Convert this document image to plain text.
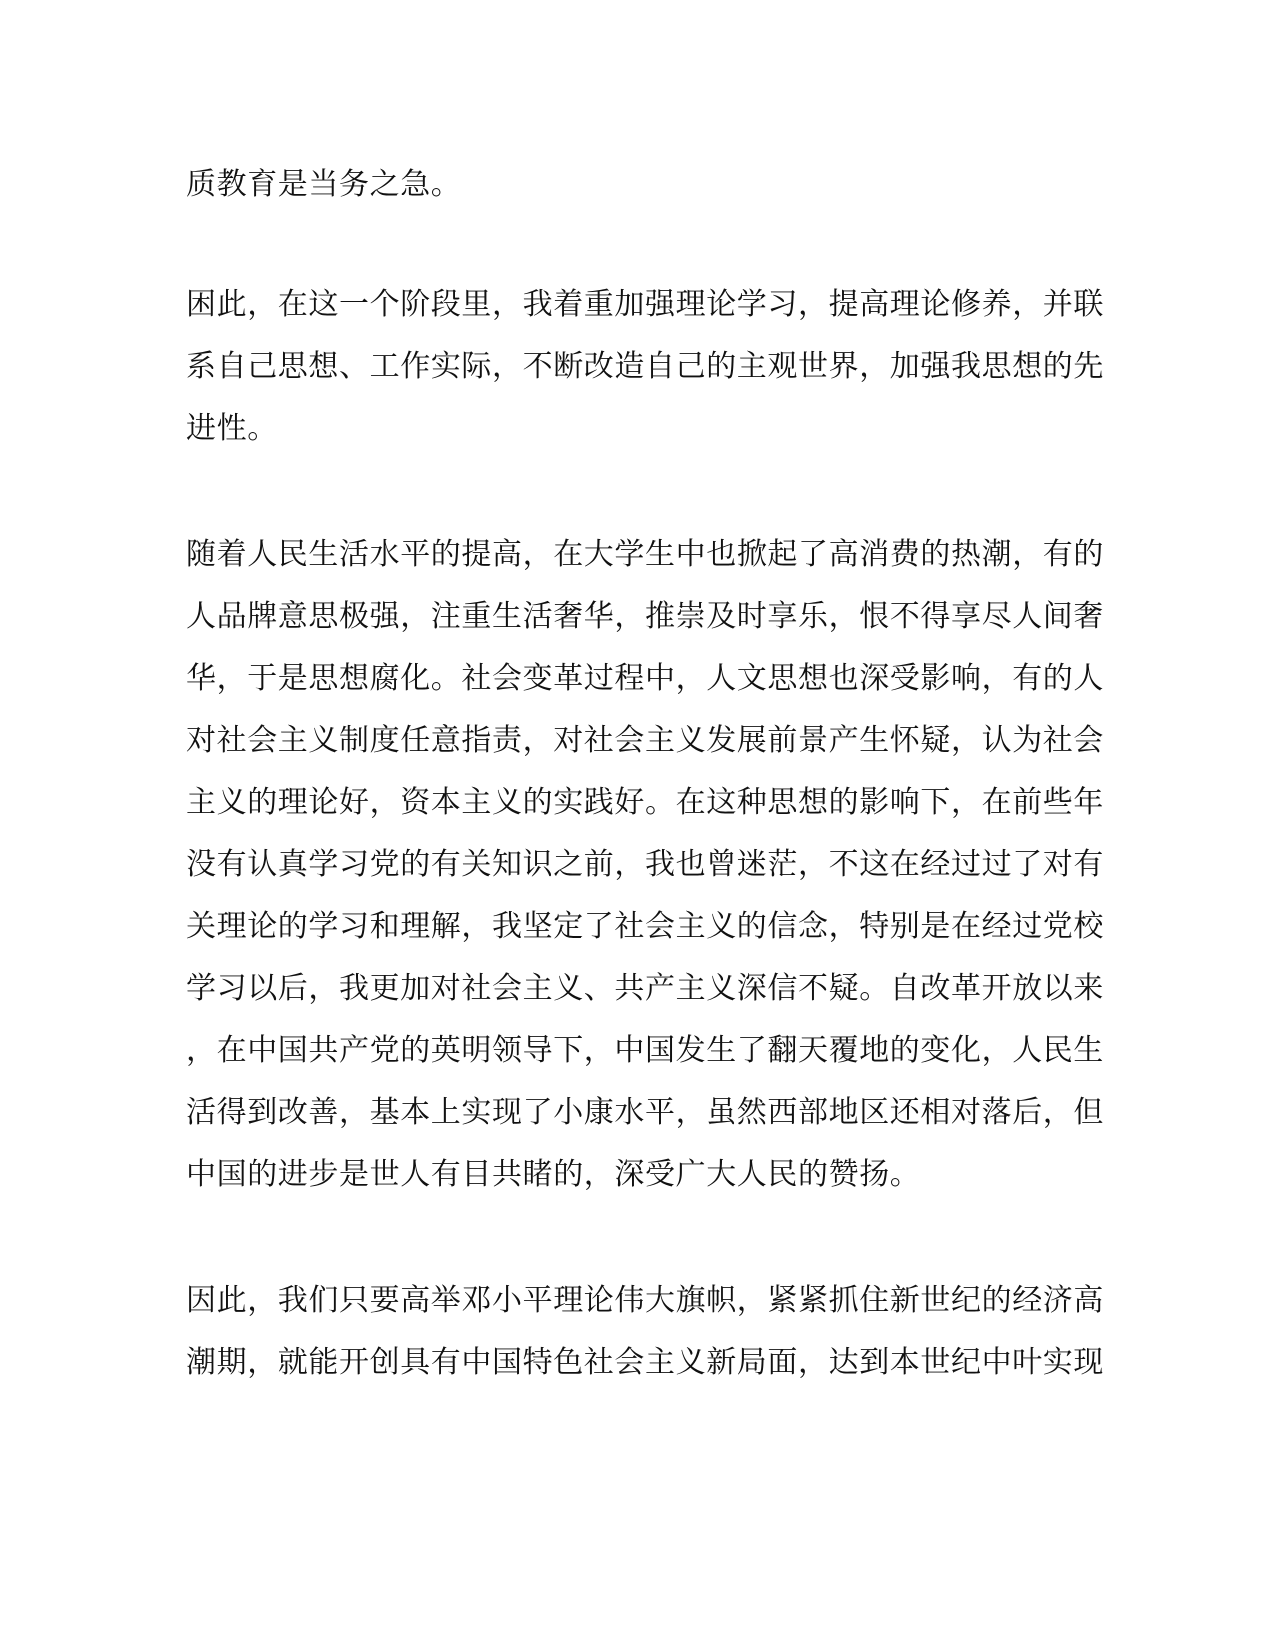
质教育是当务之急。
困此，在这一个阶段里，我着重加强理论学习，提高理论修养，并联
系自己思想、工作实际，不断改造自己的主观世界，加强我思想的先
进性。
随着人民生活水平的提高，在大学生中也掀起了高消费的热潮，有的
人品牌意思极强，注重生活奢华，推崇及时享乐，恨不得享尽人间奢
华，于是思想腐化。社会变革过程中，人文思想也深受影响，有的人
对社会主义制度任意指责，对社会主义发展前景产生怀疑，认为社会
主义的理论好，资本主义的实践好。在这种思想的影响下，在前些年
没有认真学习党的有关知识之前，我也曾迷茫，不这在经过过了对有
关理论的学习和理解，我坚定了社会主义的信念，特别是在经过党校
学习以后，我更加对社会主义、共产主义深信不疑。自改革开放以来
，在中国共产党的英明领导下，中国发生了翻天覆地的变化，人民生
活得到改善，基本上实现了小康水平，虽然西部地区还相对落后，但
中国的进步是世人有目共睹的，深受广大人民的赞扬。
因此，我们只要高举邓小平理论伟大旗帜，紧紧抓住新世纪的经济高
潮期，就能开创具有中国特色社会主义新局面，达到本世纪中叶实现
